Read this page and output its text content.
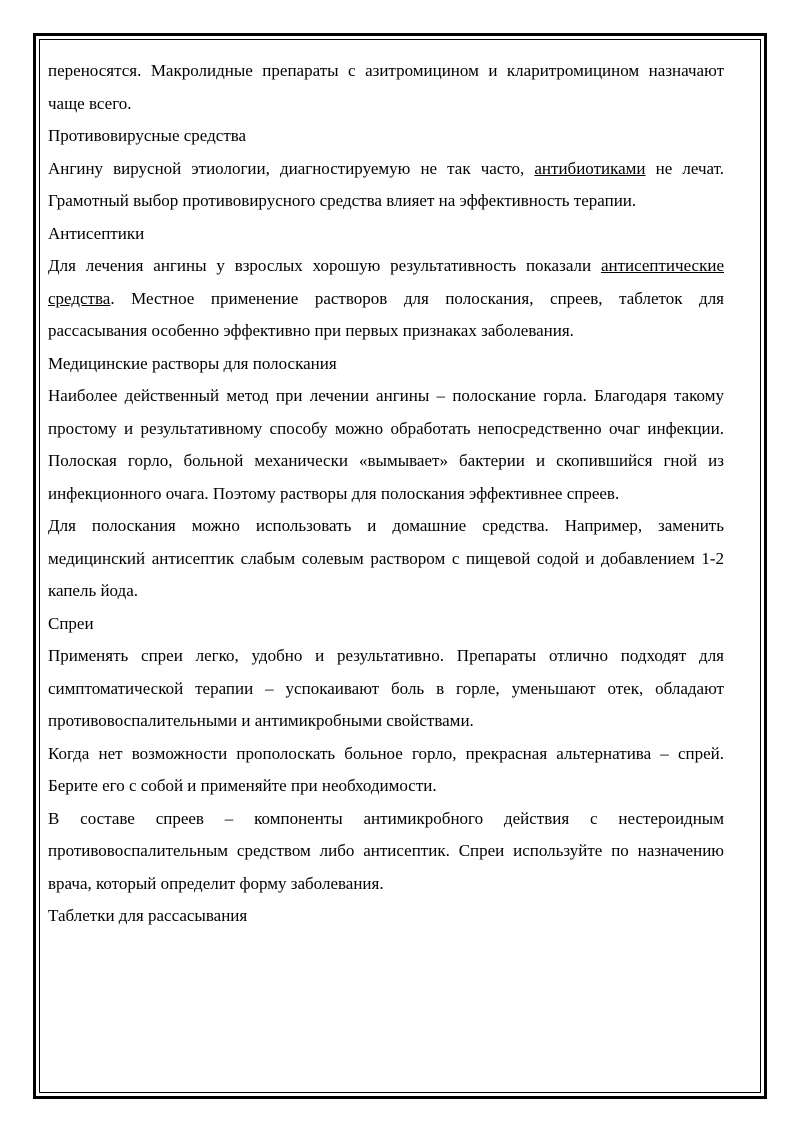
переносятся. Макролидные препараты с азитромицином и кларитромицином назначают чаще всего.

Противовирусные средства

Ангину вирусной этиологии, диагностируемую не так часто, антибиотиками не лечат. Грамотный выбор противовирусного средства влияет на эффективность терапии.

Антисептики

Для лечения ангины у взрослых хорошую результативность показали антисептические средства. Местное применение растворов для полоскания, спреев, таблеток для рассасывания особенно эффективно при первых признаках заболевания.

Медицинские растворы для полоскания

Наиболее действенный метод при лечении ангины – полоскание горла. Благодаря такому простому и результативному способу можно обработать непосредственно очаг инфекции. Полоская горло, больной механически «вымывает» бактерии и скопившийся гной из инфекционного очага. Поэтому растворы для полоскания эффективнее спреев.

Для полоскания можно использовать и домашние средства. Например, заменить медицинский антисептик слабым солевым раствором с пищевой содой и добавлением 1-2 капель йода.

Спреи

Применять спреи легко, удобно и результативно. Препараты отлично подходят для симптоматической терапии – успокаивают боль в горле, уменьшают отек, обладают противовоспалительными и антимикробными свойствами.

Когда нет возможности прополоскать больное горло, прекрасная альтернатива – спрей. Берите его с собой и применяйте при необходимости.

В составе спреев – компоненты антимикробного действия с нестероидным противовоспалительным средством либо антисептик. Спреи используйте по назначению врача, который определит форму заболевания.

Таблетки для рассасывания
